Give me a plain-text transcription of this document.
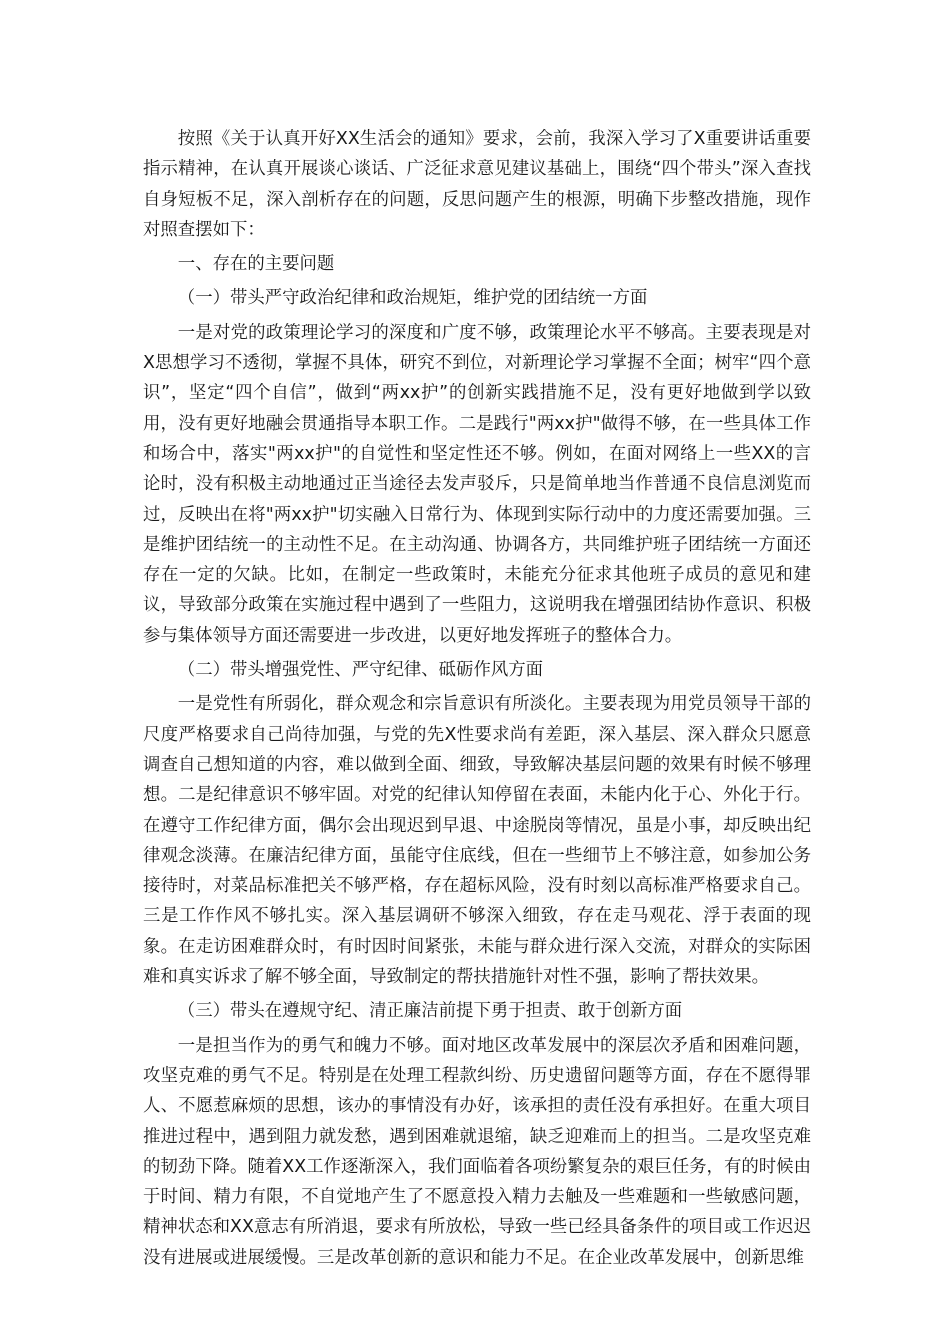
按照《关于认真开好XX生活会的通知》要求，会前，我深入学习了X重要讲话重要指示精神，在认真开展谈心谈话、广泛征求意见建议基础上，围绕“四个带头”深入查找自身短板不足，深入剖析存在的问题，反思问题产生的根源，明确下步整改措施，现作对照查摆如下：

一、存在的主要问题

（一）带头严守政治纪律和政治规矩，维护党的团结统一方面

一是对党的政策理论学习的深度和广度不够，政策理论水平不够高。主要表现是对X思想学习不透彻，掌握不具体，研究不到位，对新理论学习掌握不全面；树牢“四个意识”，坚定“四个自信”，做到“两xx护”的创新实践措施不足，没有更好地做到学以致用，没有更好地融会贯通指导本职工作。二是践行"两xx护"做得不够，在一些具体工作和场合中，落实"两xx护"的自觉性和坚定性还不够。例如，在面对网络上一些XX的言论时，没有积极主动地通过正当途径去发声驳斥，只是简单地当作普通不良信息浏览而过，反映出在将"两xx护"切实融入日常行为、体现到实际行动中的力度还需要加强。三是维护团结统一的主动性不足。在主动沟通、协调各方，共同维护班子团结统一方面还存在一定的欠缺。比如，在制定一些政策时，未能充分征求其他班子成员的意见和建议，导致部分政策在实施过程中遇到了一些阻力，这说明我在增强团结协作意识、积极参与集体领导方面还需要进一步改进，以更好地发挥班子的整体合力。

（二）带头增强党性、严守纪律、砥砺作风方面

一是党性有所弱化，群众观念和宗旨意识有所淡化。主要表现为用党员领导干部的尺度严格要求自己尚待加强，与党的先X性要求尚有差距，深入基层、深入群众只愿意调查自己想知道的内容，难以做到全面、细致，导致解决基层问题的效果有时候不够理想。二是纪律意识不够牢固。对党的纪律认知停留在表面，未能内化于心、外化于行。在遵守工作纪律方面，偶尔会出现迟到早退、中途脱岗等情况，虽是小事，却反映出纪律观念淡薄。在廉洁纪律方面，虽能守住底线，但在一些细节上不够注意，如参加公务接待时，对菜品标准把关不够严格，存在超标风险，没有时刻以高标准严格要求自己。三是工作作风不够扎实。深入基层调研不够深入细致，存在走马观花、浮于表面的现象。在走访困难群众时，有时因时间紧张，未能与群众进行深入交流，对群众的实际困难和真实诉求了解不够全面，导致制定的帮扶措施针对性不强，影响了帮扶效果。

（三）带头在遵规守纪、清正廉洁前提下勇于担责、敢于创新方面

一是担当作为的勇气和魄力不够。面对地区改革发展中的深层次矛盾和困难问题，攻坚克难的勇气不足。特别是在处理工程款纠纷、历史遗留问题等方面，存在不愿得罪人、不愿惹麻烦的思想，该办的事情没有办好，该承担的责任没有承担好。在重大项目推进过程中，遇到阻力就发愁，遇到困难就退缩，缺乏迎难而上的担当。二是攻坚克难的韧劲下降。随着XX工作逐渐深入，我们面临着各项纷繁复杂的艰巨任务，有的时候由于时间、精力有限，不自觉地产生了不愿意投入精力去触及一些难题和一些敏感问题，精神状态和XX意志有所消退，要求有所放松，导致一些已经具备条件的项目或工作迟迟没有进展或进展缓慢。三是改革创新的意识和能力不足。在企业改革发展中，创新思维
